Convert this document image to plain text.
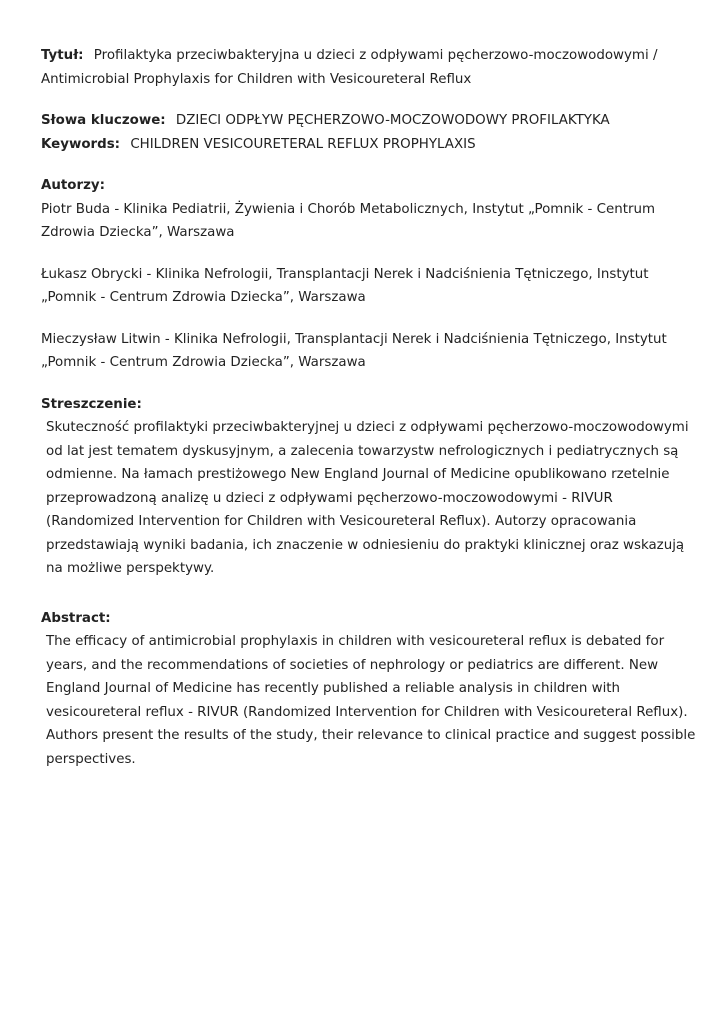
Tytuł: Profilaktyka przeciwbakteryjna u dzieci z odpływami pęcherzowo-moczowodowymi /
Antimicrobial Prophylaxis for Children with Vesicoureteral Reflux
Słowa kluczowe: DZIECI ODPŁYW PĘCHERZOWO-MOCZOWODOWY PROFILAKTYKA
Keywords: CHILDREN VESICOURETERAL REFLUX PROPHYLAXIS
Autorzy:
Piotr Buda - Klinika Pediatrii, Żywienia i Chorób Metabolicznych, Instytut „Pomnik - Centrum
Zdrowia Dziecka”, Warszawa
Łukasz Obrycki - Klinika Nefrologii, Transplantacji Nerek i Nadciśnienia Tętniczego, Instytut
„Pomnik - Centrum Zdrowia Dziecka”, Warszawa
Mieczysław Litwin - Klinika Nefrologii, Transplantacji Nerek i Nadciśnienia Tętniczego, Instytut
„Pomnik - Centrum Zdrowia Dziecka”, Warszawa
Streszczenie:
Skuteczność profilaktyki przeciwbakteryjnej u dzieci z odpływami pęcherzowo-moczowodowymi
od lat jest tematem dyskusyjnym, a zalecenia towarzystw nefrologicznych i pediatrycznych są
odmienne. Na łamach prestiżowego New England Journal of Medicine opublikowano rzetelnie
przeprowadzoną analizę u dzieci z odpływami pęcherzowo-moczowodowymi - RIVUR
(Randomized Intervention for Children with Vesicoureteral Reflux). Autorzy opracowania
przedstawiają wyniki badania, ich znaczenie w odniesieniu do praktyki klinicznej oraz wskazują
na możliwe perspektywy.
Abstract:
The efficacy of antimicrobial prophylaxis in children with vesicoureteral reflux is debated for
years, and the recommendations of societies of nephrology or pediatrics are different. New
England Journal of Medicine has recently published a reliable analysis in children with
vesicoureteral reflux - RIVUR (Randomized Intervention for Children with Vesicoureteral Reflux).
Authors present the results of the study, their relevance to clinical practice and suggest possible
perspectives.
